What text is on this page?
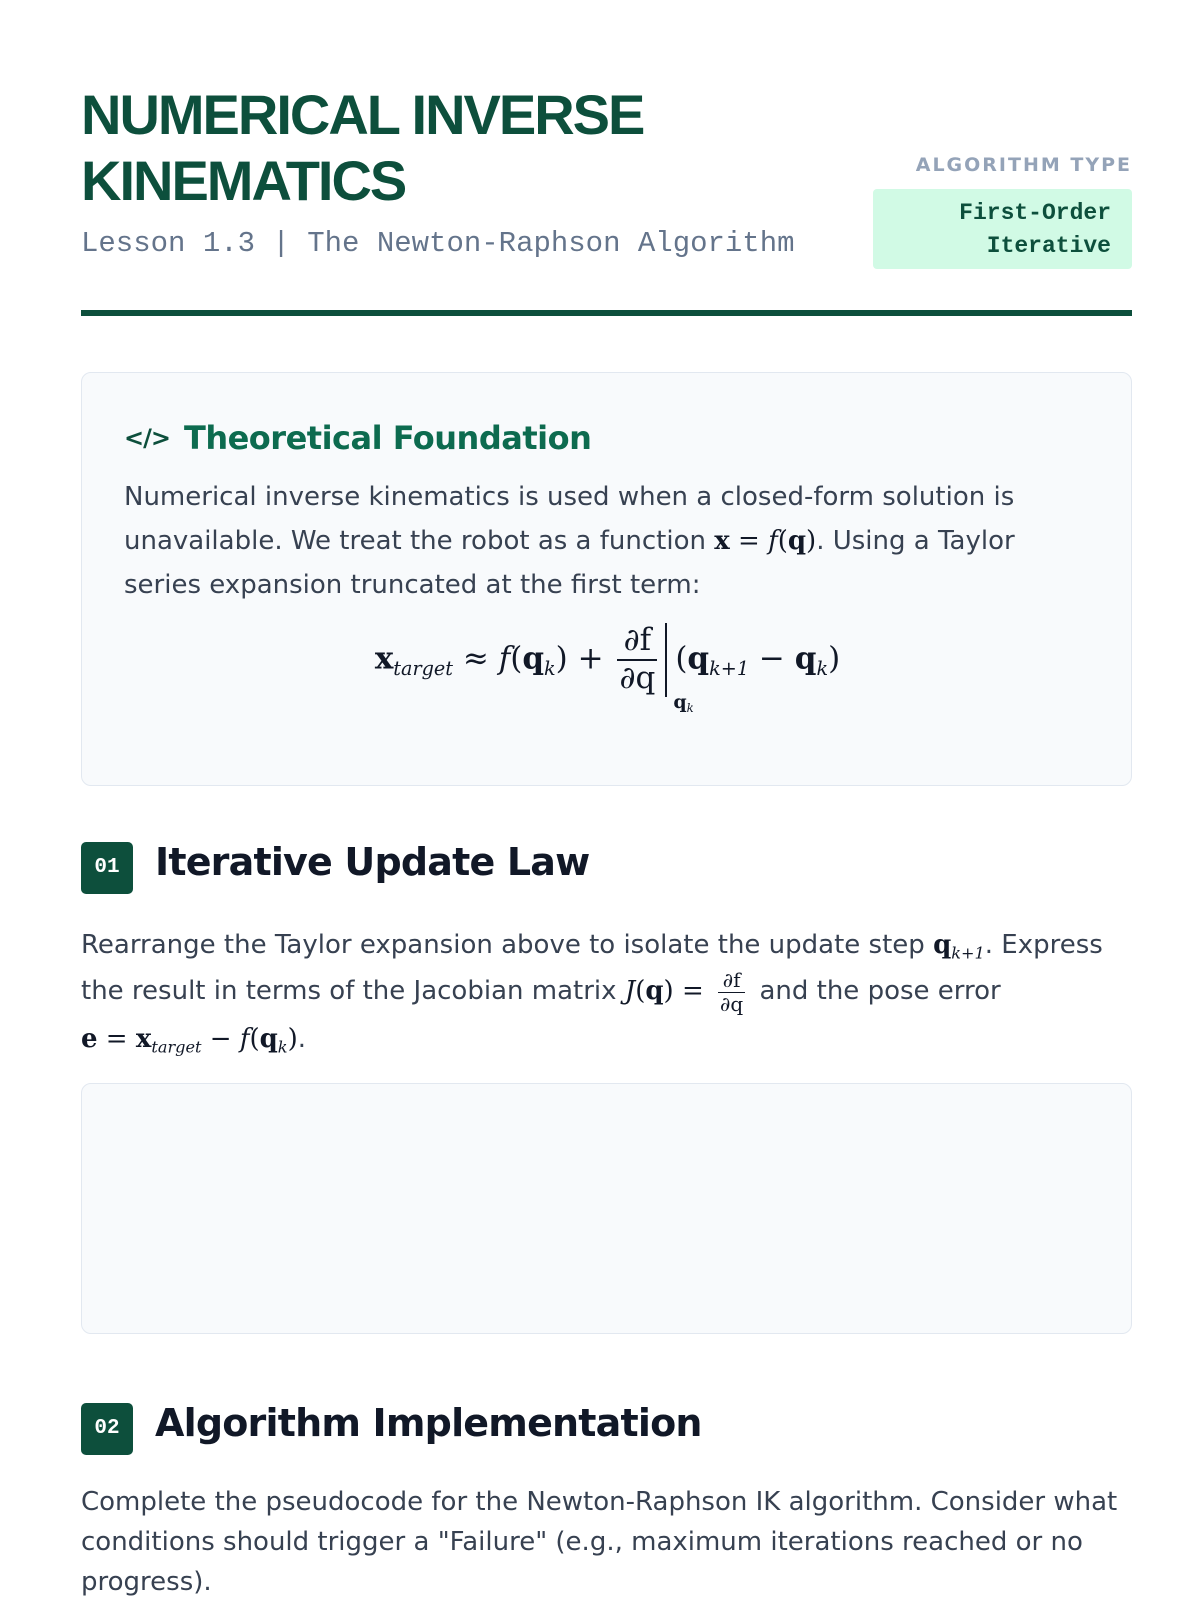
NUMERICAL INVERSE
KINEMATICS
Lesson 1.3 | The Newton-Raphson Algorithm
ALGORITHM TYPE
First-Order
Iterative
</> Theoretical Foundation
Numerical inverse kinematics is used when a closed-form solution is
unavailable. We treat the robot as a function x = f(q). Using a Taylor
series expansion truncated at the first term:
$x_{target} \approx f(q_k) + \frac{\partial f}{\partial q}$
$q_k$
$(q_{k+1} - q_k)$
01 Iterative Update Law
Rearrange the Taylor expansion above to isolate the update step $q_{k+1}$. Express
the result in terms of the Jacobian matrix $J(q) = \frac{\partial f}{\partial q}$ and the pose error
$e = x_{target} - f(q_k)$.
02 Algorithm Implementation
Complete the pseudocode for the Newton-Raphson IK algorithm. Consider what
conditions should trigger a "Failure" (e.g., maximum iterations reached or no
progress).
